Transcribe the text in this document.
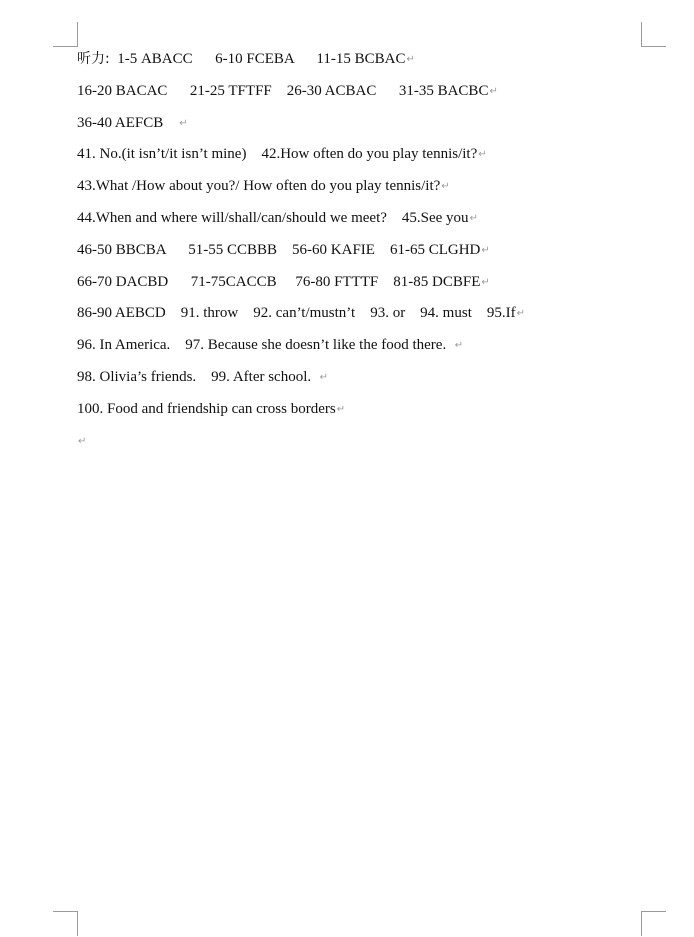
听力:  1-5 ABACC      6-10 FCEBA      11-15 BCBAC↵
16-20 BACAC      21-25 TFTFF    26-30 ACBAC      31-35 BACBC↵
36-40 AEFCB    ↵
41. No.(it isn’t/it isn’t mine)    42.How often do you play tennis/it?↵
43.What /How about you?/ How often do you play tennis/it?↵
44.When and where will/shall/can/should we meet?    45.See you↵
46-50 BBCBA      51-55 CCBBB    56-60 KAFIE    61-65 CLGHD↵
66-70 DACBD      71-75CACCB     76-80 FTTTF    81-85 DCBFE↵
86-90 AEBCD    91. throw    92. can’t/mustn’t    93. or    94. must    95.If↵
96. In America.    97. Because she doesn’t like the food there.  ↵
98. Olivia’s friends.    99. After school.  ↵
100. Food and friendship can cross borders↵
↵
